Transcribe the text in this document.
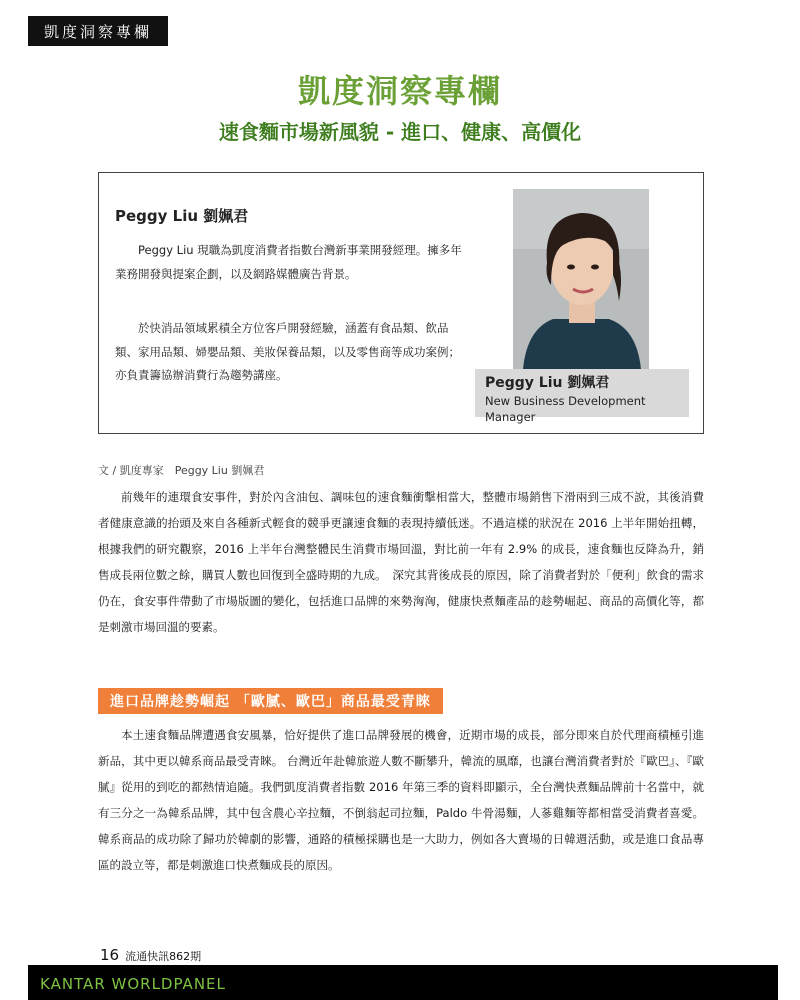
凱度洞察專欄
凱度洞察專欄
速食麵市場新風貌 - 進口、健康、高價化
Peggy Liu 劉姵君

Peggy Liu 現職為凱度消費者指數台灣新事業開發經理。擁多年業務開發與提案企劃，以及網路媒體廣告背景。

於快消品領域累積全方位客戶開發經驗，涵蓋有食品類、飲品類、家用品類、婦嬰品類、美妝保養品類，以及零售商等成功案例；亦負責籌協辦消費行為趨勢講座。	Peggy Liu 劉姵君
New Business Development Manager
文 / 凱度專家　Peggy Liu 劉姵君

前幾年的連環食安事件，對於內含油包、調味包的速食麵衝擊相當大，整體市場銷售下滑兩到三成不說，其後消費者健康意識的抬頭及來自各種新式輕食的競爭更讓速食麵的表現持續低迷。不過這樣的狀況在 2016 上半年開始扭轉，根據我們的研究觀察，2016 上半年台灣整體民生消費市場回溫，對比前一年有 2.9% 的成長，速食麵也反降為升，銷售成長兩位數之餘，購買人數也回復到全盛時期的九成。　深究其背後成長的原因，除了消費者對於「便利」飲食的需求仍在，食安事件帶動了市場版圖的變化，包括進口品牌的來勢洶洶，健康快煮麵產品的趁勢崛起、商品的高價化等，都是刺激市場回溫的要素。

進口品牌趁勢崛起 「歐膩、歐巴」商品最受青睞

本土速食麵品牌遭遇食安風暴，恰好提供了進口品牌發展的機會，近期市場的成長，部分即來自於代理商積極引進新品，其中更以韓系商品最受青睞。 台灣近年赴韓旅遊人數不斷攀升，韓流的風靡，也讓台灣消費者對於『歐巴』、『歐膩』從用的到吃的都熱情追隨。我們凱度消費者指數 2016 年第三季的資料即顯示，全台灣快煮麵品牌前十名當中，就有三分之一為韓系品牌，其中包含農心辛拉麵，不倒翁起司拉麵，Paldo 牛骨湯麵，人蔘雞麵等都相當受消費者喜愛。韓系商品的成功除了歸功於韓劇的影響，通路的積極採購也是一大助力，例如各大賣場的日韓週活動，或是進口食品專區的設立等，都是刺激進口快煮麵成長的原因。

16 流通快訊862期
KANTAR WORLDPANEL
